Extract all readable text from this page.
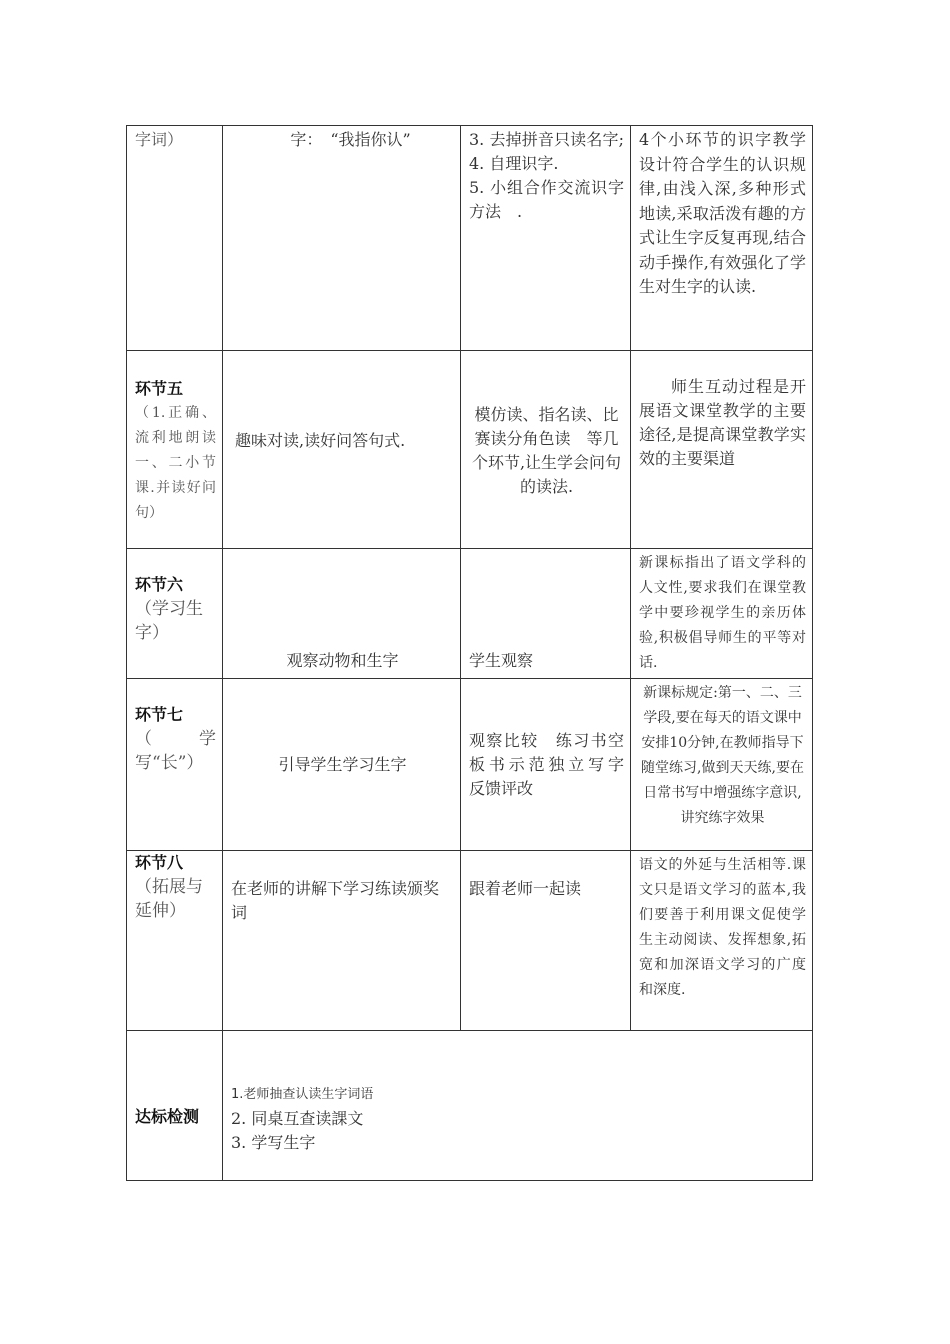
字词）	字：　“我指你认”	3. 去掉拼音只读名字;
4. 自理识字.
5. 小组合作交流识字方法　.	4个小环节的识字教学设计符合学生的认识规律,由浅入深,多种形式地读,采取活泼有趣的方式让生字反复再现,结合动手操作,有效强化了学生对生字的认读.

环节五
（1.正确、流利地朗读一、二小节课.并读好问句）	趣味对读,读好问答句式.	模仿读、指名读、比赛读分角色读　等几个环节,让生学会问句的读法.	师生互动过程是开展语文课堂教学的主要途径,是提高课堂教学实效的主要渠道

环节六
（学习生字）	观察动物和生字	学生观察	新课标指出了语文学科的人文性,要求我们在课堂教学中要珍视学生的亲历体验,积极倡导师生的平等对话.

环节七
（学写“长”）	引导学生学习生字	观察比较　练习书空　板书示范独立写字　反馈评改	新课标规定:第一、二、三学段,要在每天的语文课中安排10分钟,在教师指导下随堂练习,做到天天练,要在日常书写中增强练字意识,讲究练字效果

环节八
（拓展与延伸）	在老师的讲解下学习练读颁奖词	跟着老师一起读	语文的外延与生活相等.课文只是语文学习的蓝本,我们要善于利用课文促使学生主动阅读、发挥想象,拓宽和加深语文学习的广度和深度.

达标检测	1.老师抽查认读生字词语
2. 同桌互查读課文
3. 学写生字		
